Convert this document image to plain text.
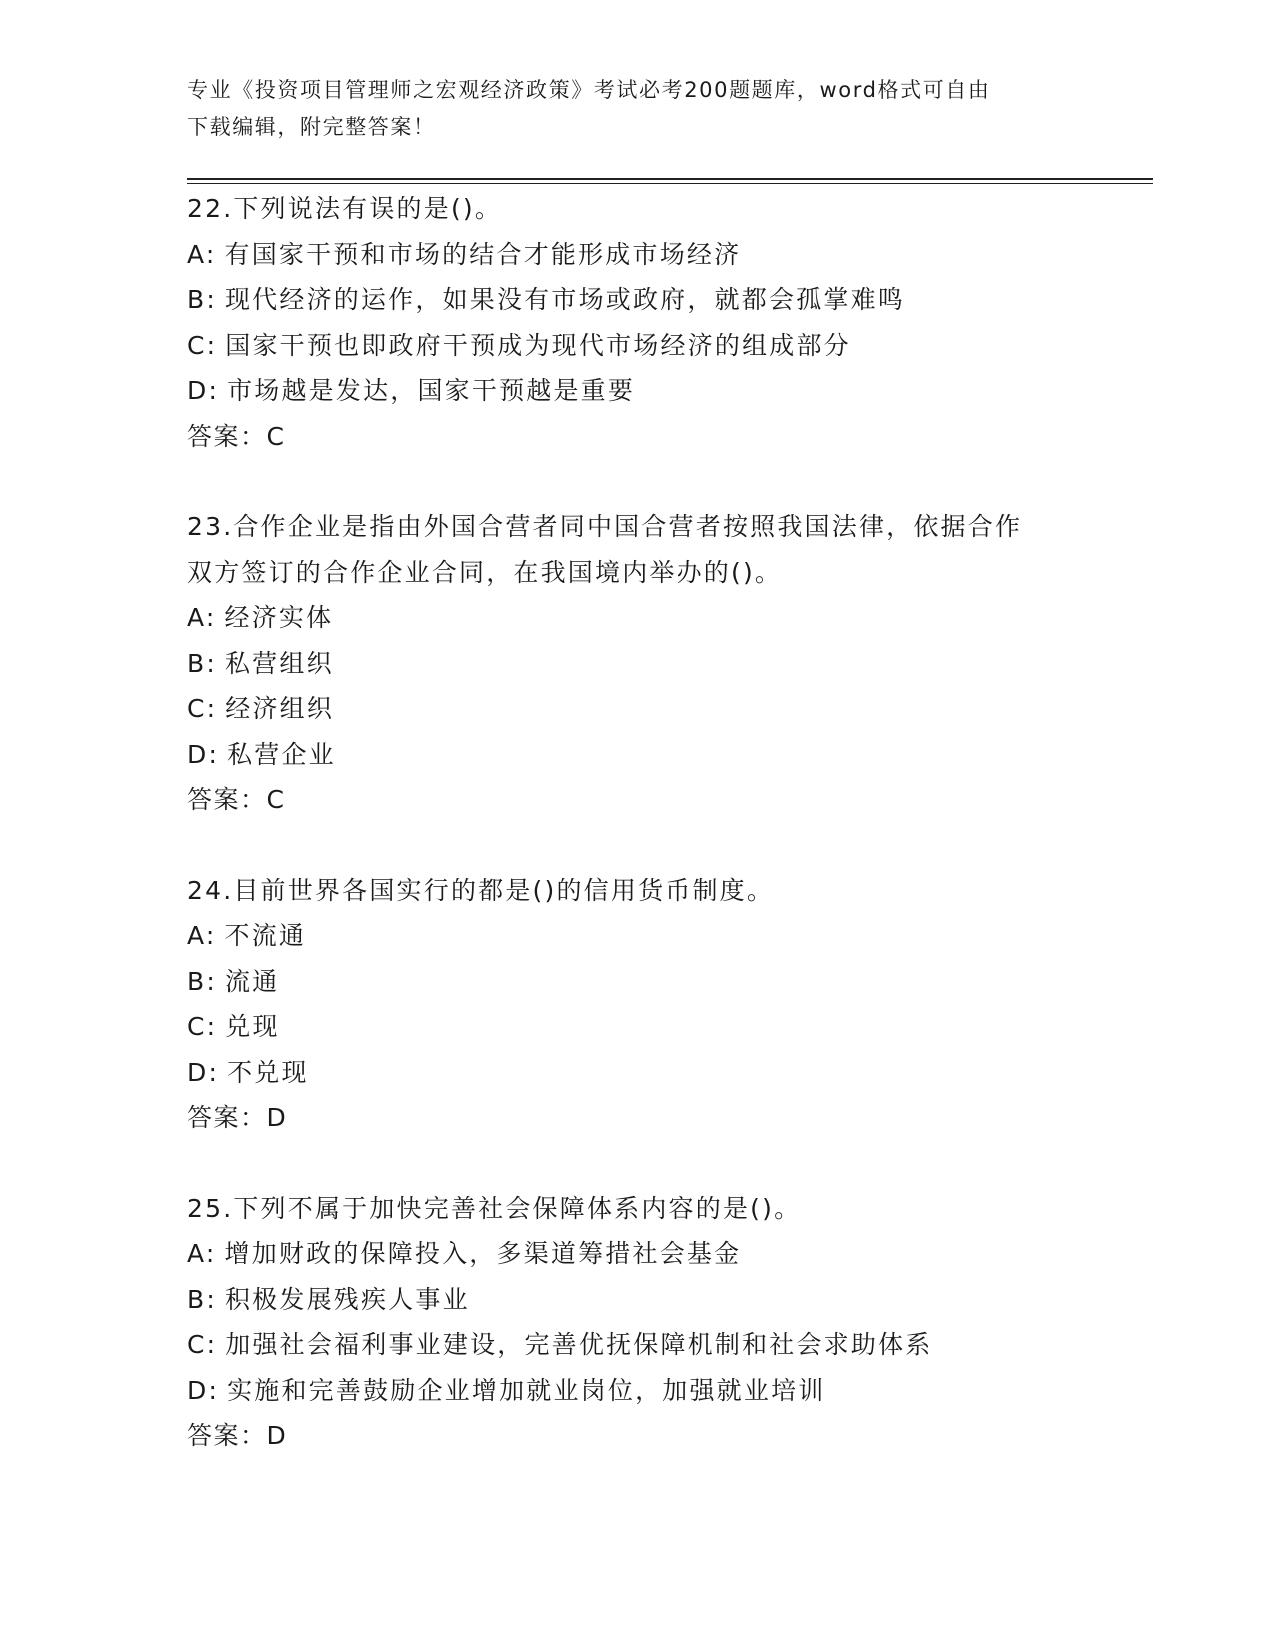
专业《投资项目管理师之宏观经济政策》考试必考200题题库，word格式可自由
下载编辑，附完整答案！
22.下列说法有误的是()。
A: 有国家干预和市场的结合才能形成市场经济
B: 现代经济的运作，如果没有市场或政府，就都会孤掌难鸣
C: 国家干预也即政府干预成为现代市场经济的组成部分
D: 市场越是发达，国家干预越是重要
答案：C
23.合作企业是指由外国合营者同中国合营者按照我国法律，依据合作
双方签订的合作企业合同，在我国境内举办的()。
A: 经济实体
B: 私营组织
C: 经济组织
D: 私营企业
答案：C
24.目前世界各国实行的都是()的信用货币制度。
A: 不流通
B: 流通
C: 兑现
D: 不兑现
答案：D
25.下列不属于加快完善社会保障体系内容的是()。
A: 增加财政的保障投入，多渠道筹措社会基金
B: 积极发展残疾人事业
C: 加强社会福利事业建设，完善优抚保障机制和社会求助体系
D: 实施和完善鼓励企业增加就业岗位，加强就业培训
答案：D
